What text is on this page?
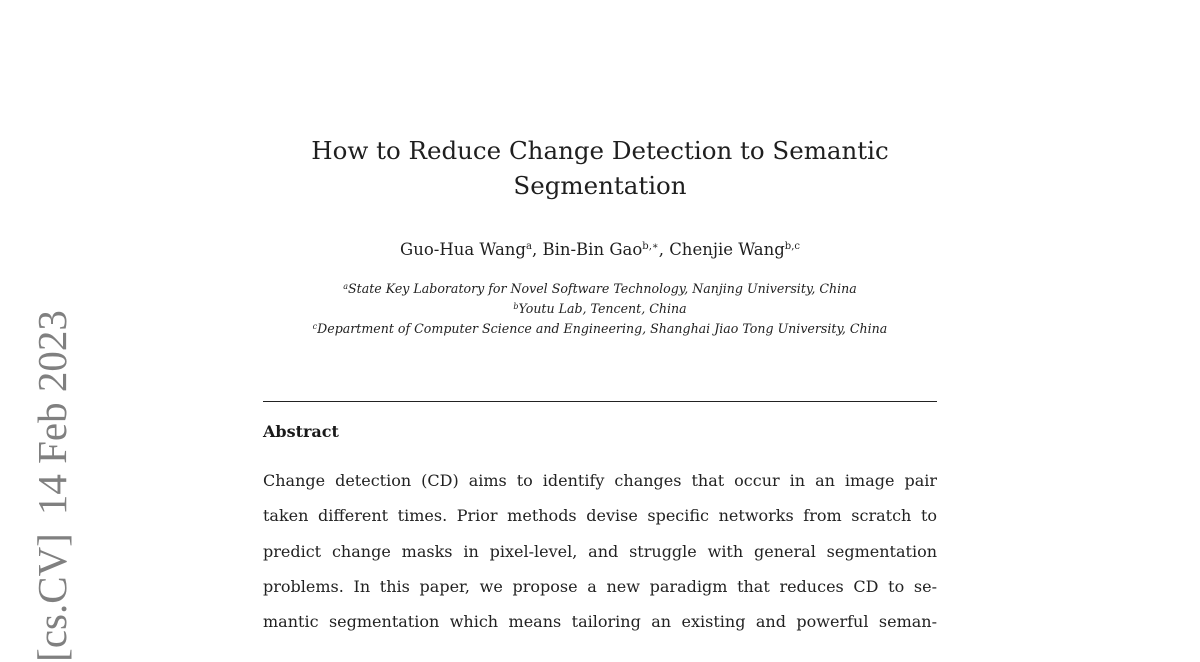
[cs.CV]14 Feb 2023
How to Reduce Change Detection to Semantic
Segmentation
Guo-Hua Wang$^a$, Bin-Bin Gao$^{b,∗}$, Chenjie Wang$^{b,c}$
$^a$State Key Laboratory for Novel Software Technology, Nanjing University, China
$^b$Youtu Lab, Tencent, China
$^c$Department of Computer Science and Engineering, Shanghai Jiao Tong University, China
Abstract
Change detection (CD) aims to identify changes that occur in an image pair
taken different times. Prior methods devise specific networks from scratch to
predict change masks in pixel-level, and struggle with general segmentation
problems. In this paper, we propose a new paradigm that reduces CD to se-
mantic segmentation which means tailoring an existing and powerful seman-
